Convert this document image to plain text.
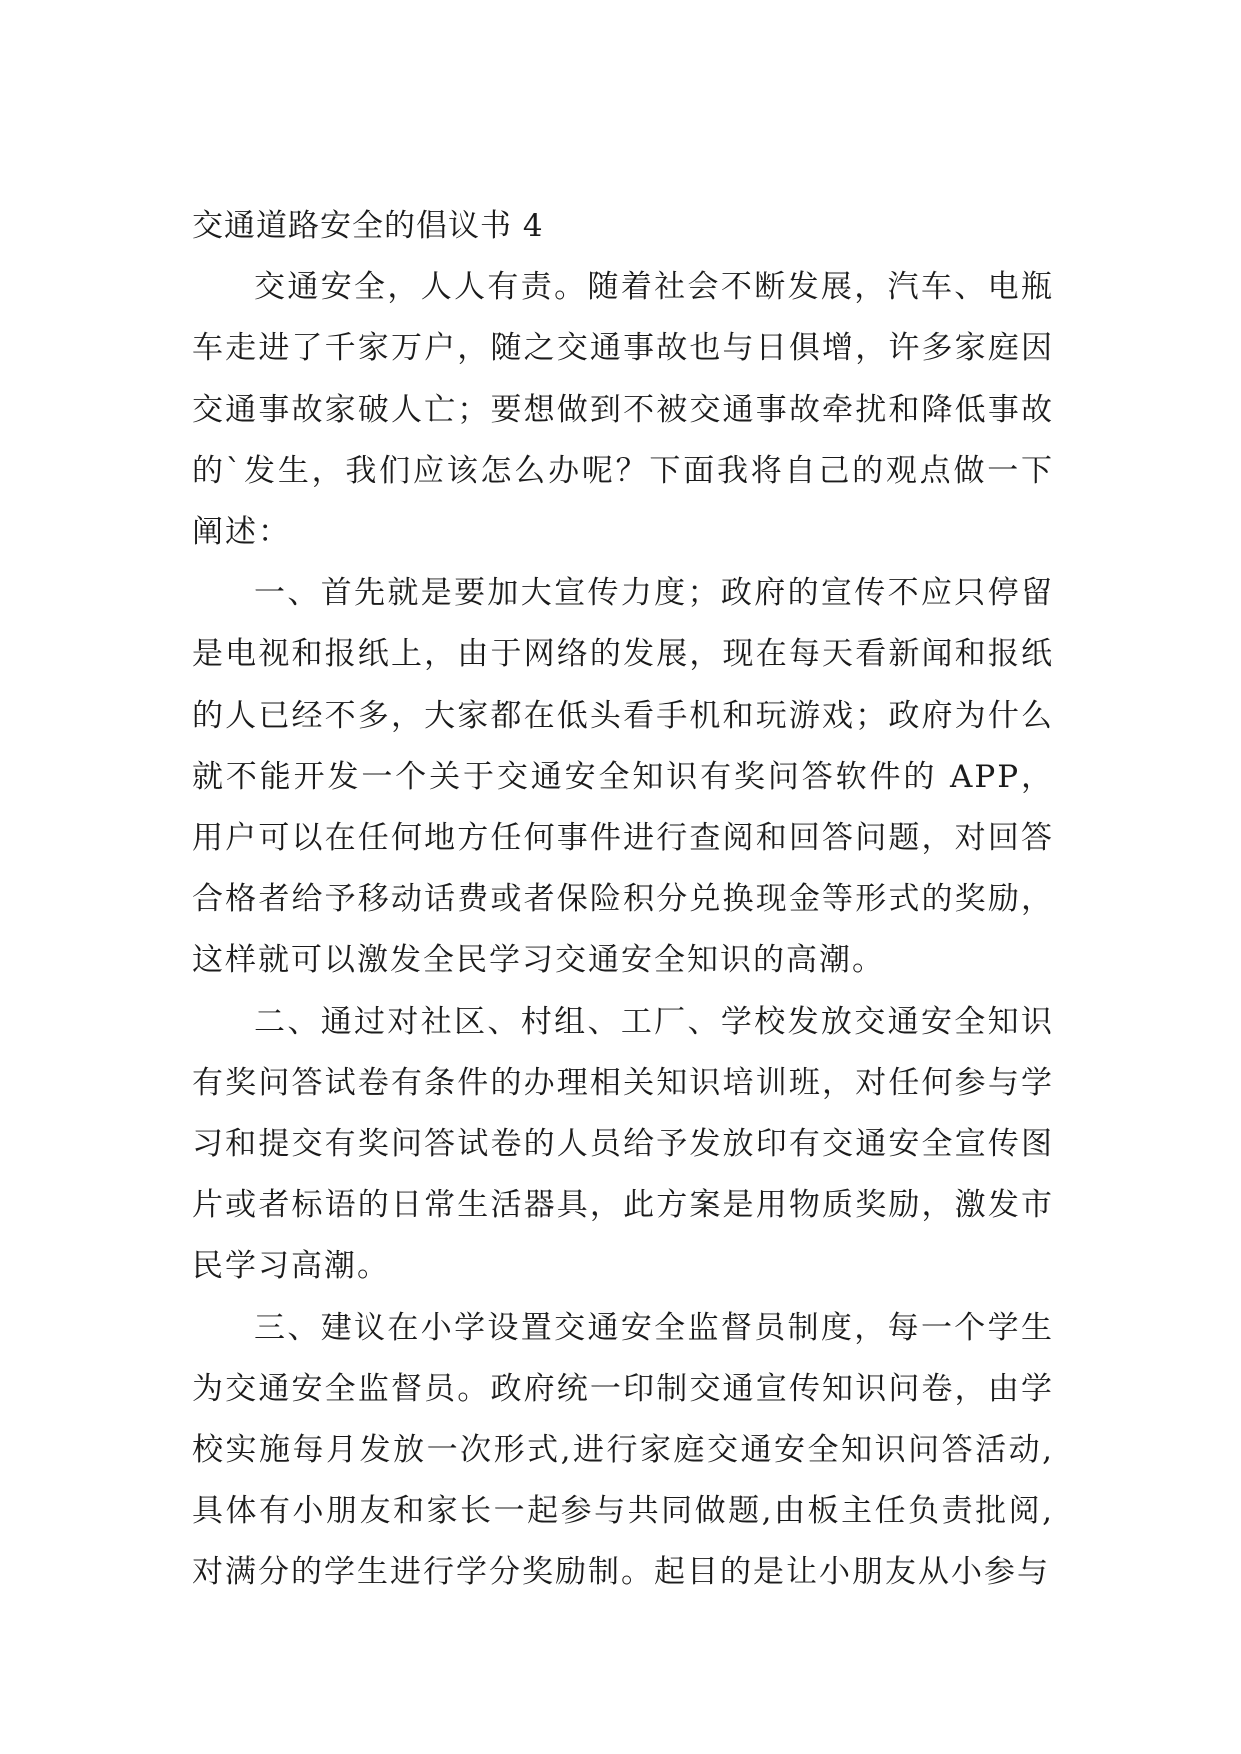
交通道路安全的倡议书 4

交通安全，人人有责。随着社会不断发展，汽车、电瓶车走进了千家万户，随之交通事故也与日俱增，许多家庭因交通事故家破人亡；要想做到不被交通事故牵扰和降低事故的`发生，我们应该怎么办呢？下面我将自己的观点做一下阐述：

一、首先就是要加大宣传力度；政府的宣传不应只停留是电视和报纸上，由于网络的发展，现在每天看新闻和报纸的人已经不多，大家都在低头看手机和玩游戏；政府为什么就不能开发一个关于交通安全知识有奖问答软件的 APP，用户可以在任何地方任何事件进行查阅和回答问题，对回答合格者给予移动话费或者保险积分兑换现金等形式的奖励，这样就可以激发全民学习交通安全知识的高潮。

二、通过对社区、村组、工厂、学校发放交通安全知识有奖问答试卷有条件的办理相关知识培训班，对任何参与学习和提交有奖问答试卷的人员给予发放印有交通安全宣传图片或者标语的日常生活器具，此方案是用物质奖励，激发市民学习高潮。

三、建议在小学设置交通安全监督员制度，每一个学生为交通安全监督员。政府统一印制交通宣传知识问卷，由学校实施每月发放一次形式,进行家庭交通安全知识问答活动,具体有小朋友和家长一起参与共同做题,由板主任负责批阅,对满分的学生进行学分奖励制。起目的是让小朋友从小参与
